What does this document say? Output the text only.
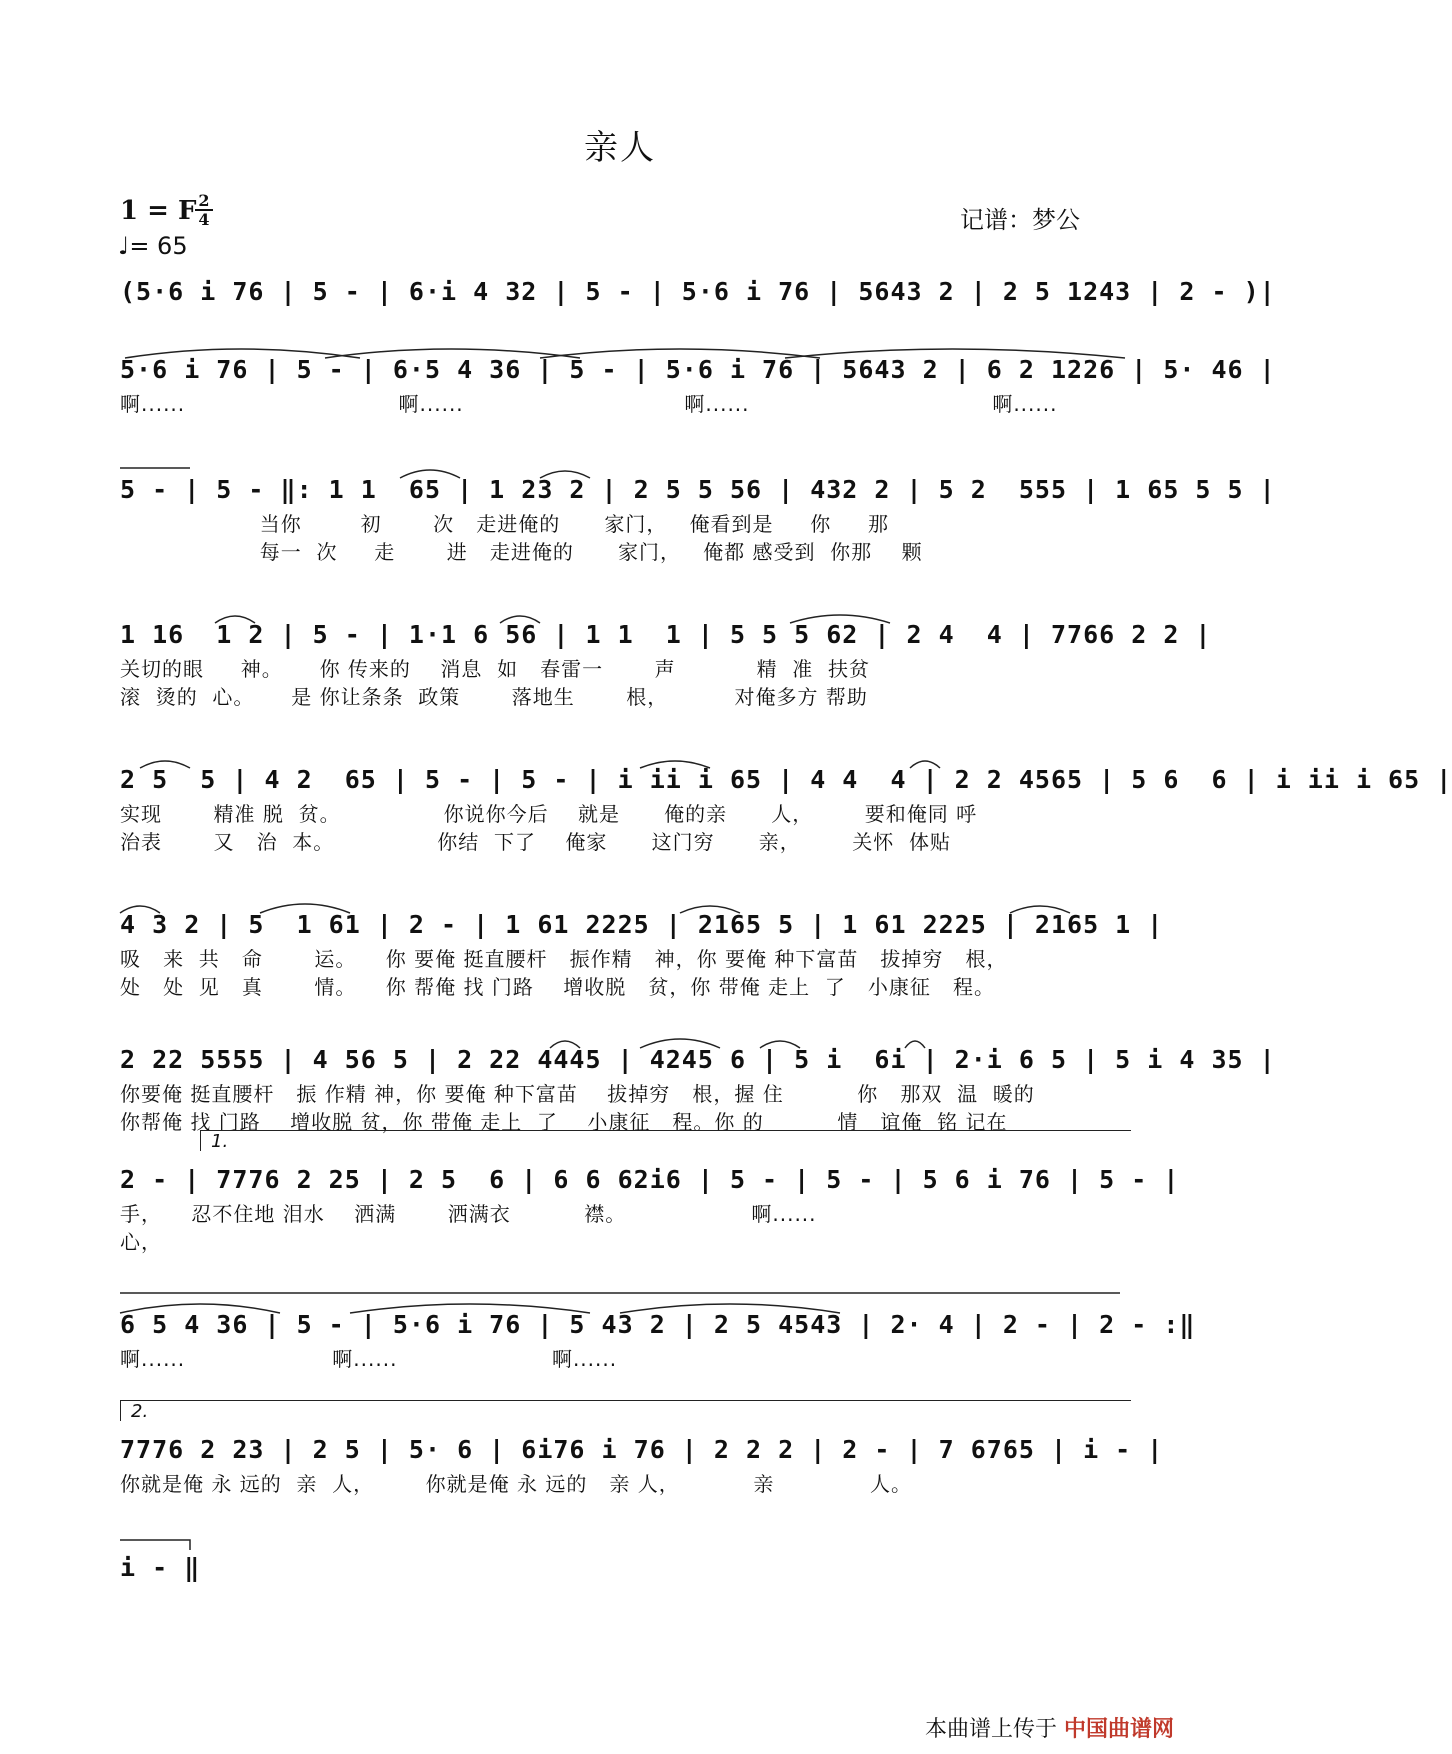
亲人
1 = F 2
4
♩= 65
记谱：梦公
(5·6 i 76 | 5 - | 6·i 4 32 | 5 - | 5·6 i 76 | 5643 2 | 2 5 1243 | 2 - )|
5·6 i 76 | 5 - | 6·5 4 36 | 5 - | 5·6 i 76 | 5643 2 | 6 2 1226 | 5· 46 |
啊......                             啊......                              啊......                                 啊......
5 - | 5 - ‖: 1 1  65 | 1 23 2 | 2 5 5 56 | 432 2 | 5 2  555 | 1 65 5 5 |
当你        初       次   走进俺的      家门，   俺看到是     你     那
每一  次     走       进   走进俺的      家门，   俺都 感受到  你那    颗
1 16  1 2 | 5 - | 1·1 6 56 | 1 1  1 | 5 5 5 62 | 2 4  4 | 7766 2 2 |
关切的眼     神。     你 传来的    消息  如   春雷一       声           精  准  扶贫
滚  烫的  心。     是 你让条条  政策       落地生       根，         对俺多方 帮助
2 5  5 | 4 2  65 | 5 - | 5 - | i ii i 65 | 4 4  4 | 2 2 4565 | 5 6  6 | i ii i 65 |
实现       精准 脱  贫。              你说你今后    就是      俺的亲      人，       要和俺同 呼
治表       又   治  本。              你结  下了    俺家      这门穷      亲，       关怀  体贴
4 3 2 | 5  1 61 | 2 - | 1 61 2225 | 2165 5 | 1 61 2225 | 2165 1 |
吸   来  共   命       运。    你 要俺 挺直腰杆   振作精   神，你 要俺 种下富苗   拔掉穷   根，
处   处  见   真       情。    你 帮俺 找 门路    增收脱   贫，你 带俺 走上  了   小康征   程。
2 22 5555 | 4 56 5 | 2 22 4445 | 4245 6 | 5 i  6i | 2·i 6 5 | 5 i 4 35 |
你要俺 挺直腰杆   振 作精 神，你 要俺 种下富苗    拔掉穷   根，握 住          你   那双  温  暖的
你帮俺 找 门路    增收脱 贫，你 带俺 走上  了    小康征   程。你 的          情   谊俺  铭 记在
1.
2 - | 7776 2 25 | 2 5  6 | 6 6 62i6 | 5 - | 5 - | 5 6 i 76 | 5 - |
手，    忍不住地 泪水    洒满       洒满衣          襟。                 啊......
心，
6 5 4 36 | 5 - | 5·6 i 76 | 5 43 2 | 2 5 4543 | 2· 4 | 2 - | 2 - :‖
啊......                    啊......                     啊......
2.
7776 2 23 | 2 5 | 5· 6 | 6i76 i 76 | 2 2 2 | 2 - | 7 6765 | i - |
你就是俺 永 远的  亲  人，       你就是俺 永 远的   亲 人，          亲             人。
i - ‖
本曲谱上传于 中国曲谱网
